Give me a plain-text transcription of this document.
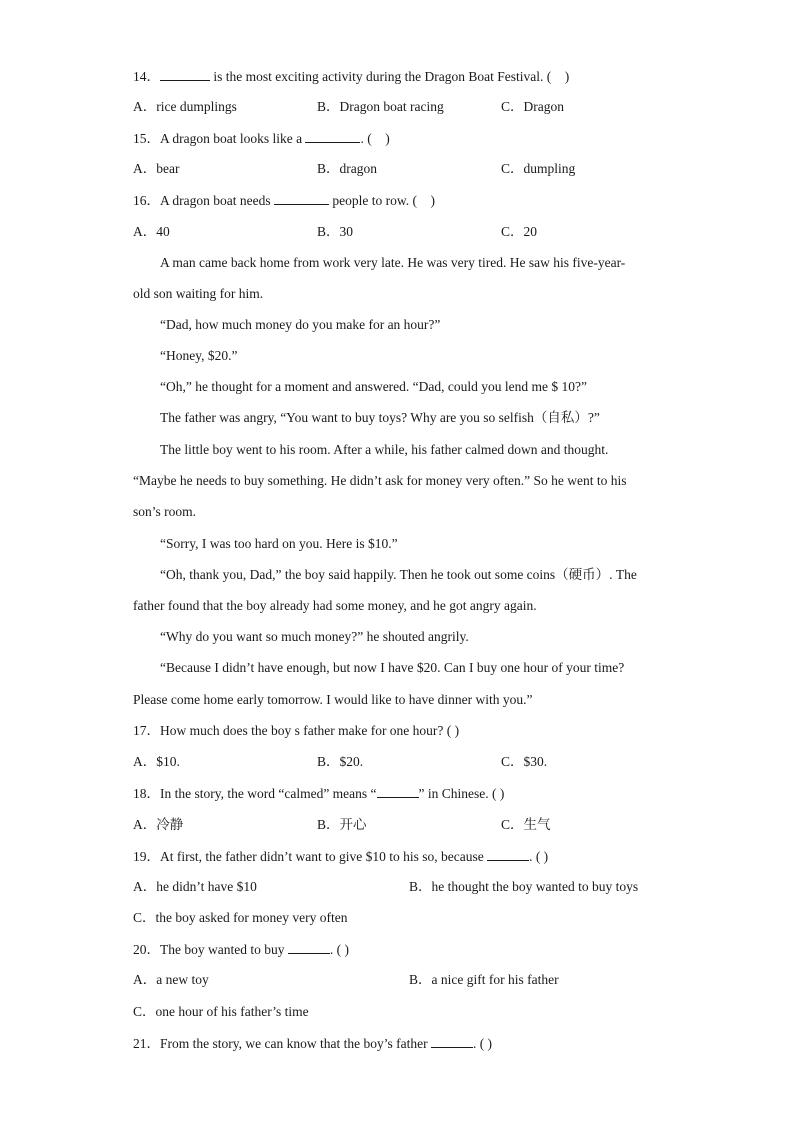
14．	is the most exciting activity during the Dragon Boat Festival. (　)
A．rice dumplings	B．Dragon boat racing	C．Dragon
15．A dragon boat looks like a	. (　)
A．bear	B．dragon	C．dumpling
16．A dragon boat needs	people to row. (　)
A．40	B．30	C．20
A man came back home from work very late. He was very tired. He saw his five-year-
old son waiting for him.
“Dad, how much money do you make for an hour?”
“Honey, $20.”
“Oh,” he thought for a moment and answered. “Dad, could you lend me $ 10?”
The father was angry, “You want to buy toys? Why are you so selfish（自私）?”
The little boy went to his room. After a while, his father calmed down and thought.
“Maybe he needs to buy something. He didn’t ask for money very often.” So he went to his
son’s room.
“Sorry, I was too hard on you. Here is $10.”
“Oh, thank you, Dad,” the boy said happily. Then he took out some coins（硬币）. The
father found that the boy already had some money, and he got angry again.
“Why do you want so much money?” he shouted angrily.
“Because I didn’t have enough, but now I have $20. Can I buy one hour of your time?
Please come home early tomorrow. I would like to have dinner with you.”
17．How much does the boy s father make for one hour? ( )
A．$10.	B．$20.	C．$30.
18．In the story, the word “calmed” means “	” in Chinese. ( )
A．冷静	B．开心	C．生气
19．At first, the father didn’t want to give $10 to his so, because	. ( )
A．he didn’t have $10	B．he thought the boy wanted to buy toys
C．the boy asked for money very often
20．The boy wanted to buy	. ( )
A．a new toy	B．a nice gift for his father
C．one hour of his father’s time
21．From the story, we can know that the boy’s father	. ( )
